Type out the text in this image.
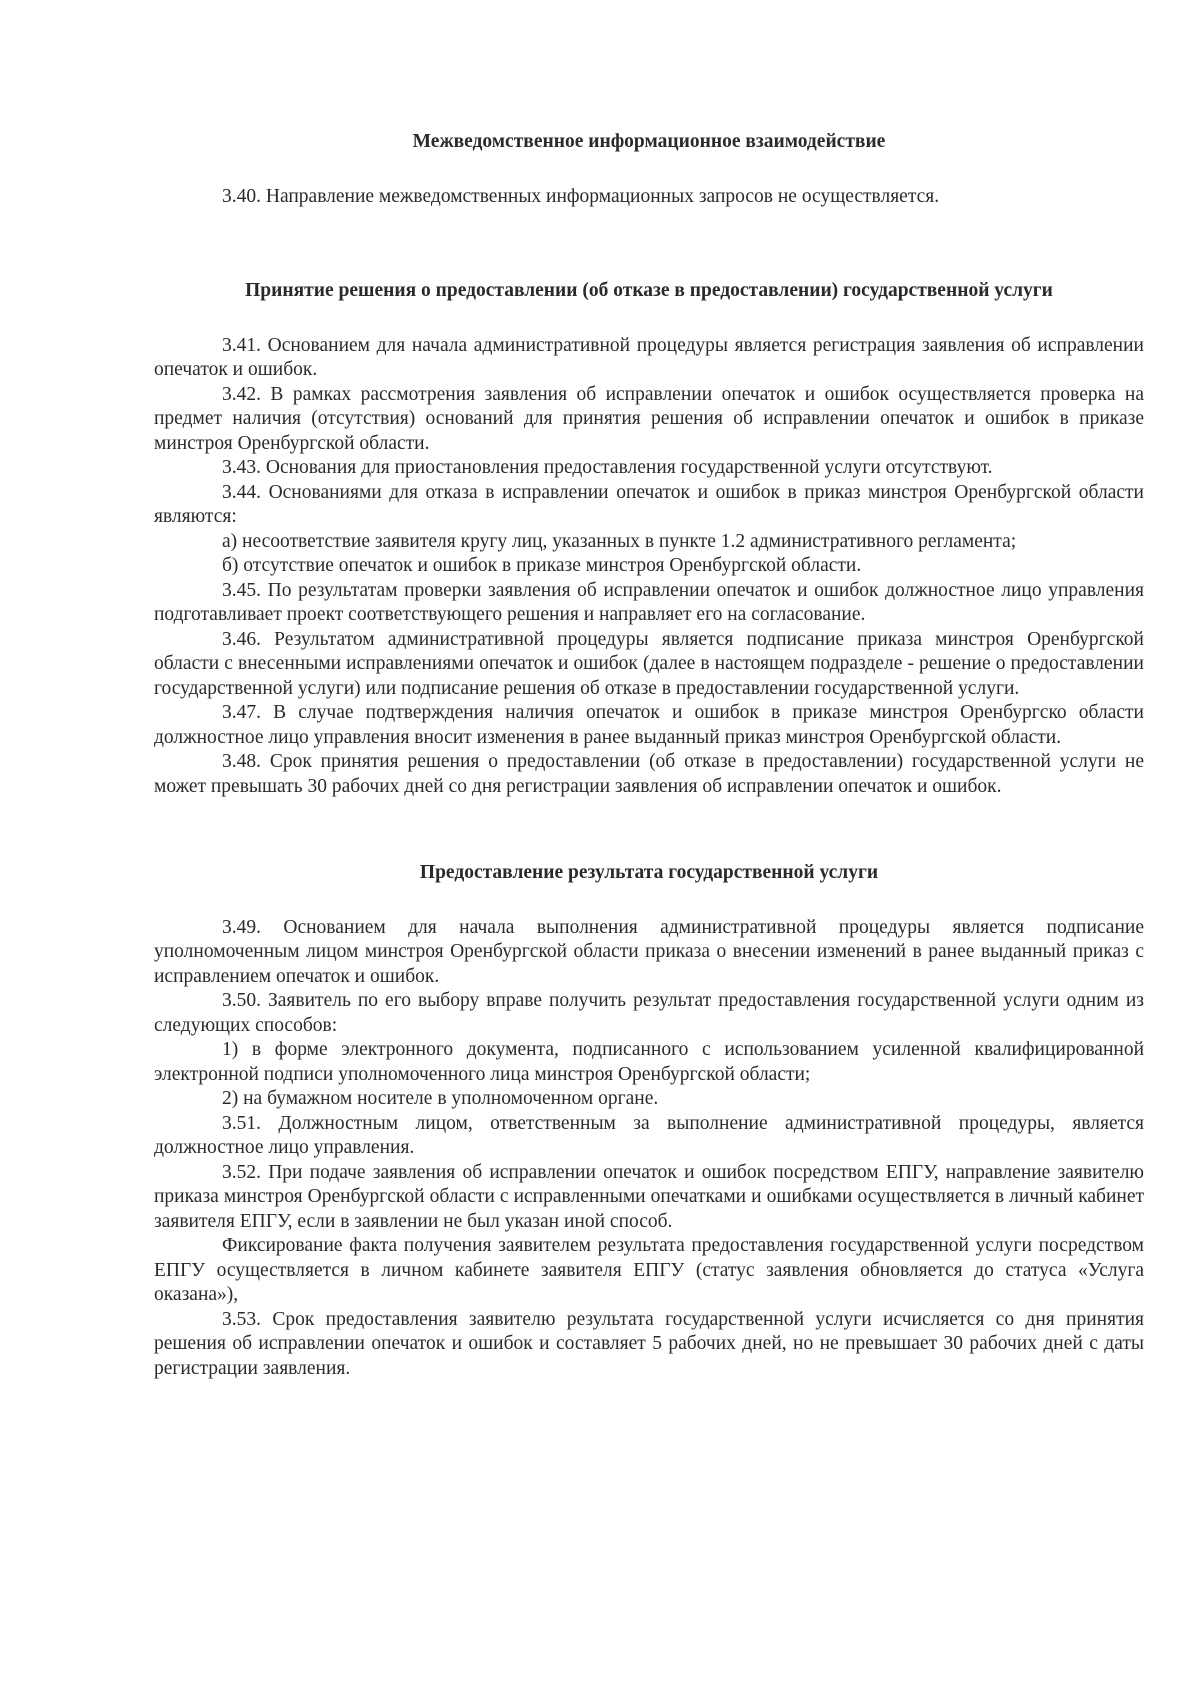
Межведомственное информационное взаимодействие

3.40. Направление межведомственных информационных запросов не осуществляется.

Принятие решения о предоставлении (об отказе в предоставлении) государственной услуги

3.41. Основанием для начала административной процедуры является регистрация заявления об исправлении опечаток и ошибок.

3.42. В рамках рассмотрения заявления об исправлении опечаток и ошибок осуществляется проверка на предмет наличия (отсутствия) оснований для принятия решения об исправлении опечаток и ошибок в приказе минстроя Оренбургской области.

3.43. Основания для приостановления предоставления государственной услуги отсутствуют.

3.44. Основаниями для отказа в исправлении опечаток и ошибок в приказ минстроя Оренбургской области являются:

а) несоответствие заявителя кругу лиц, указанных в пункте 1.2 административного регламента;

б) отсутствие опечаток и ошибок в приказе минстроя Оренбургской области.

3.45. По результатам проверки заявления об исправлении опечаток и ошибок должностное лицо управления подготавливает проект соответствующего решения и направляет его на согласование.

3.46. Результатом административной процедуры является подписание приказа минстроя Оренбургской области с внесенными исправлениями опечаток и ошибок (далее в настоящем подразделе - решение о предоставлении государственной услуги) или подписание решения об отказе в предоставлении государственной услуги.

3.47. В случае подтверждения наличия опечаток и ошибок в приказе минстроя Оренбургско области должностное лицо управления вносит изменения в ранее выданный приказ минстроя Оренбургской области.

3.48. Срок принятия решения о предоставлении (об отказе в предоставлении) государственной услуги не может превышать 30 рабочих дней со дня регистрации заявления об исправлении опечаток и ошибок.

Предоставление результата государственной услуги

3.49. Основанием для начала выполнения административной процедуры является подписание уполномоченным лицом минстроя Оренбургской области приказа о внесении изменений в ранее выданный приказ с исправлением опечаток и ошибок.

3.50. Заявитель по его выбору вправе получить результат предоставления государственной услуги одним из следующих способов:

1) в форме электронного документа, подписанного с использованием усиленной квалифицированной электронной подписи уполномоченного лица минстроя Оренбургской области;

2) на бумажном носителе в уполномоченном органе.

3.51. Должностным лицом, ответственным за выполнение административной процедуры, является должностное лицо управления.

3.52. При подаче заявления об исправлении опечаток и ошибок посредством ЕПГУ, направление заявителю приказа минстроя Оренбургской области с исправленными опечатками и ошибками осуществляется в личный кабинет заявителя ЕПГУ, если в заявлении не был указан иной способ.

Фиксирование факта получения заявителем результата предоставления государственной услуги посредством ЕПГУ осуществляется в личном кабинете заявителя ЕПГУ (статус заявления обновляется до статуса «Услуга оказана»),

3.53. Срок предоставления заявителю результата государственной услуги исчисляется со дня принятия решения об исправлении опечаток и ошибок и составляет 5 рабочих дней, но не превышает 30 рабочих дней с даты регистрации заявления.
